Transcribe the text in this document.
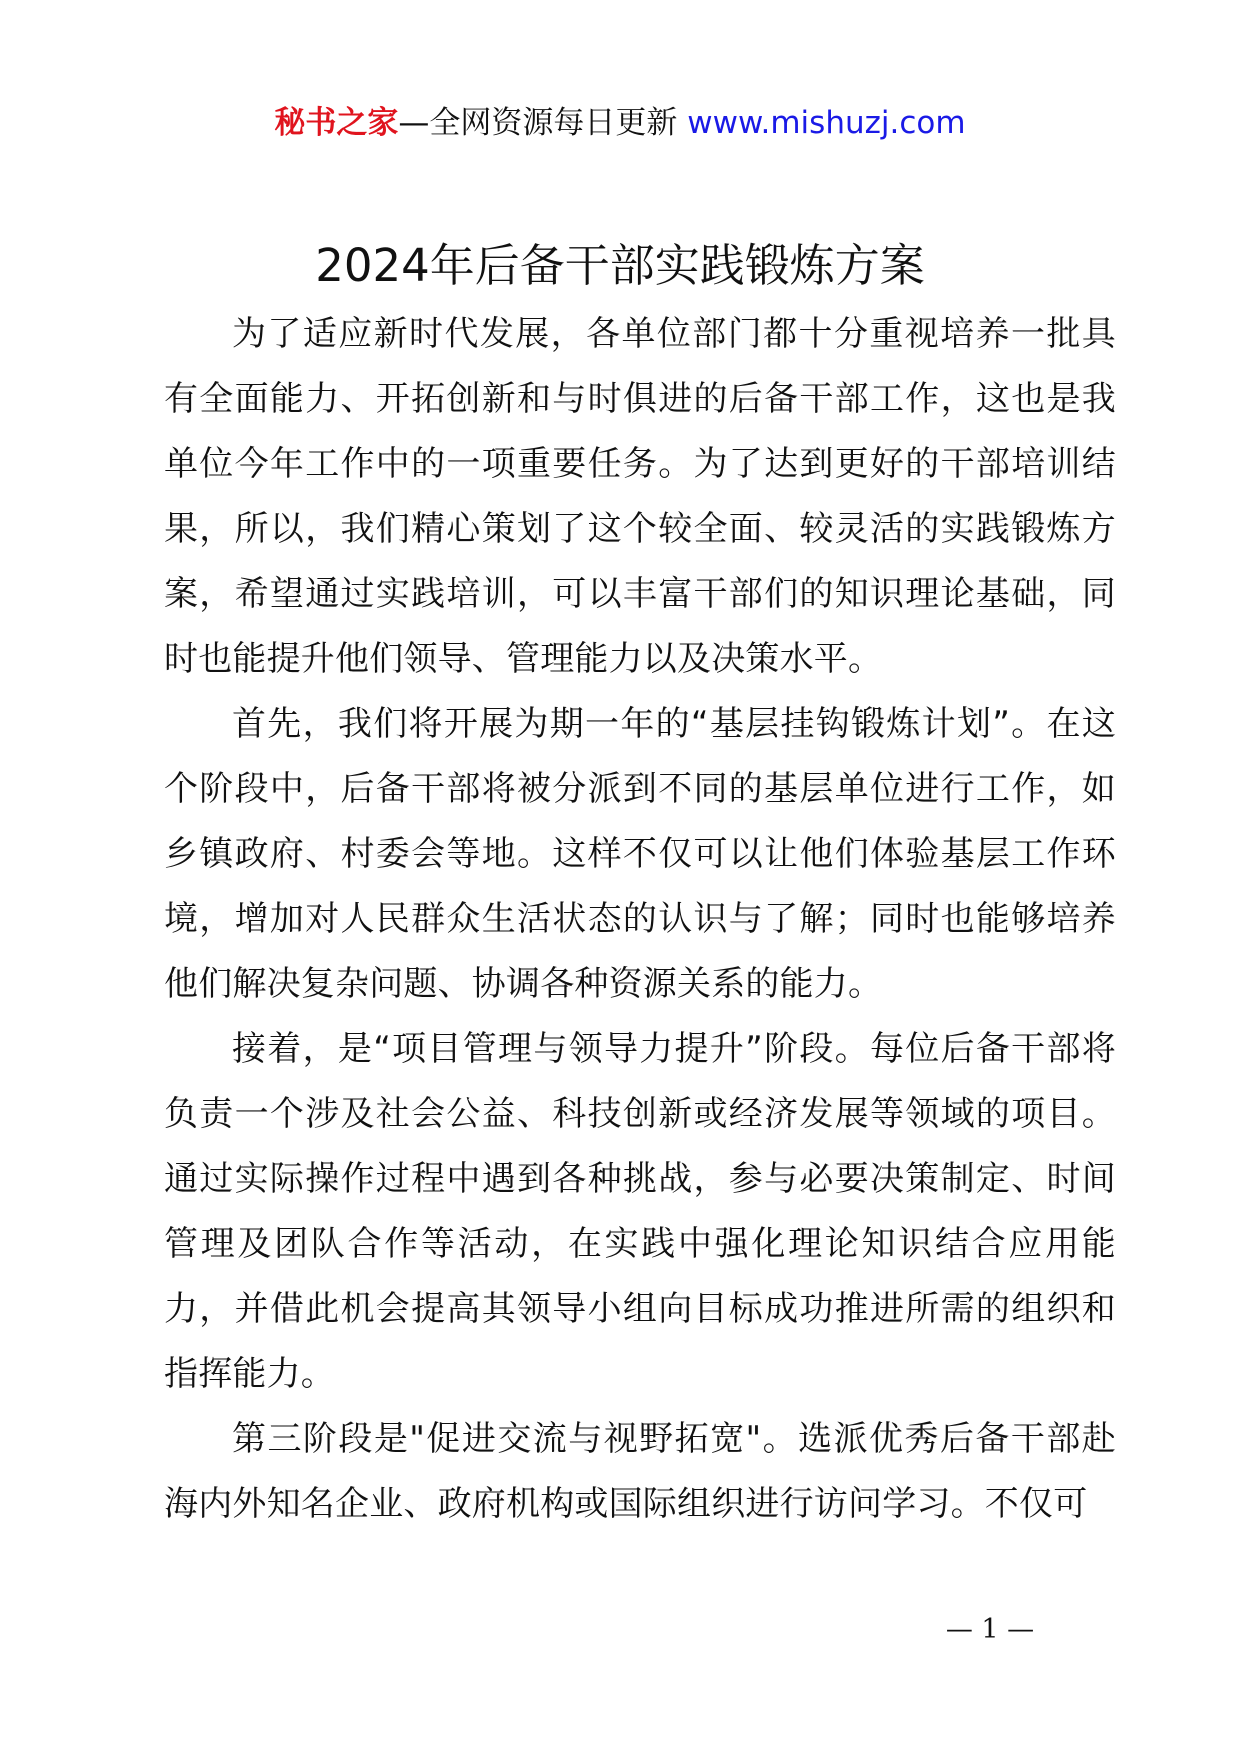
秘书之家—全网资源每日更新 www.mishuzj.com
2024年后备干部实践锻炼方案

为了适应新时代发展，各单位部门都十分重视培养一批具有全面能力、开拓创新和与时俱进的后备干部工作，这也是我单位今年工作中的一项重要任务。为了达到更好的干部培训结果，所以，我们精心策划了这个较全面、较灵活的实践锻炼方案，希望通过实践培训，可以丰富干部们的知识理论基础，同时也能提升他们领导、管理能力以及决策水平。

首先，我们将开展为期一年的“基层挂钩锻炼计划”。在这个阶段中，后备干部将被分派到不同的基层单位进行工作，如乡镇政府、村委会等地。这样不仅可以让他们体验基层工作环境，增加对人民群众生活状态的认识与了解；同时也能够培养他们解决复杂问题、协调各种资源关系的能力。

接着，是“项目管理与领导力提升”阶段。每位后备干部将负责一个涉及社会公益、科技创新或经济发展等领域的项目。通过实际操作过程中遇到各种挑战，参与必要决策制定、时间管理及团队合作等活动，在实践中强化理论知识结合应用能力，并借此机会提高其领导小组向目标成功推进所需的组织和指挥能力。

第三阶段是"促进交流与视野拓宽"。选派优秀后备干部赴海内外知名企业、政府机构或国际组织进行访问学习。不仅可

— 1 —
